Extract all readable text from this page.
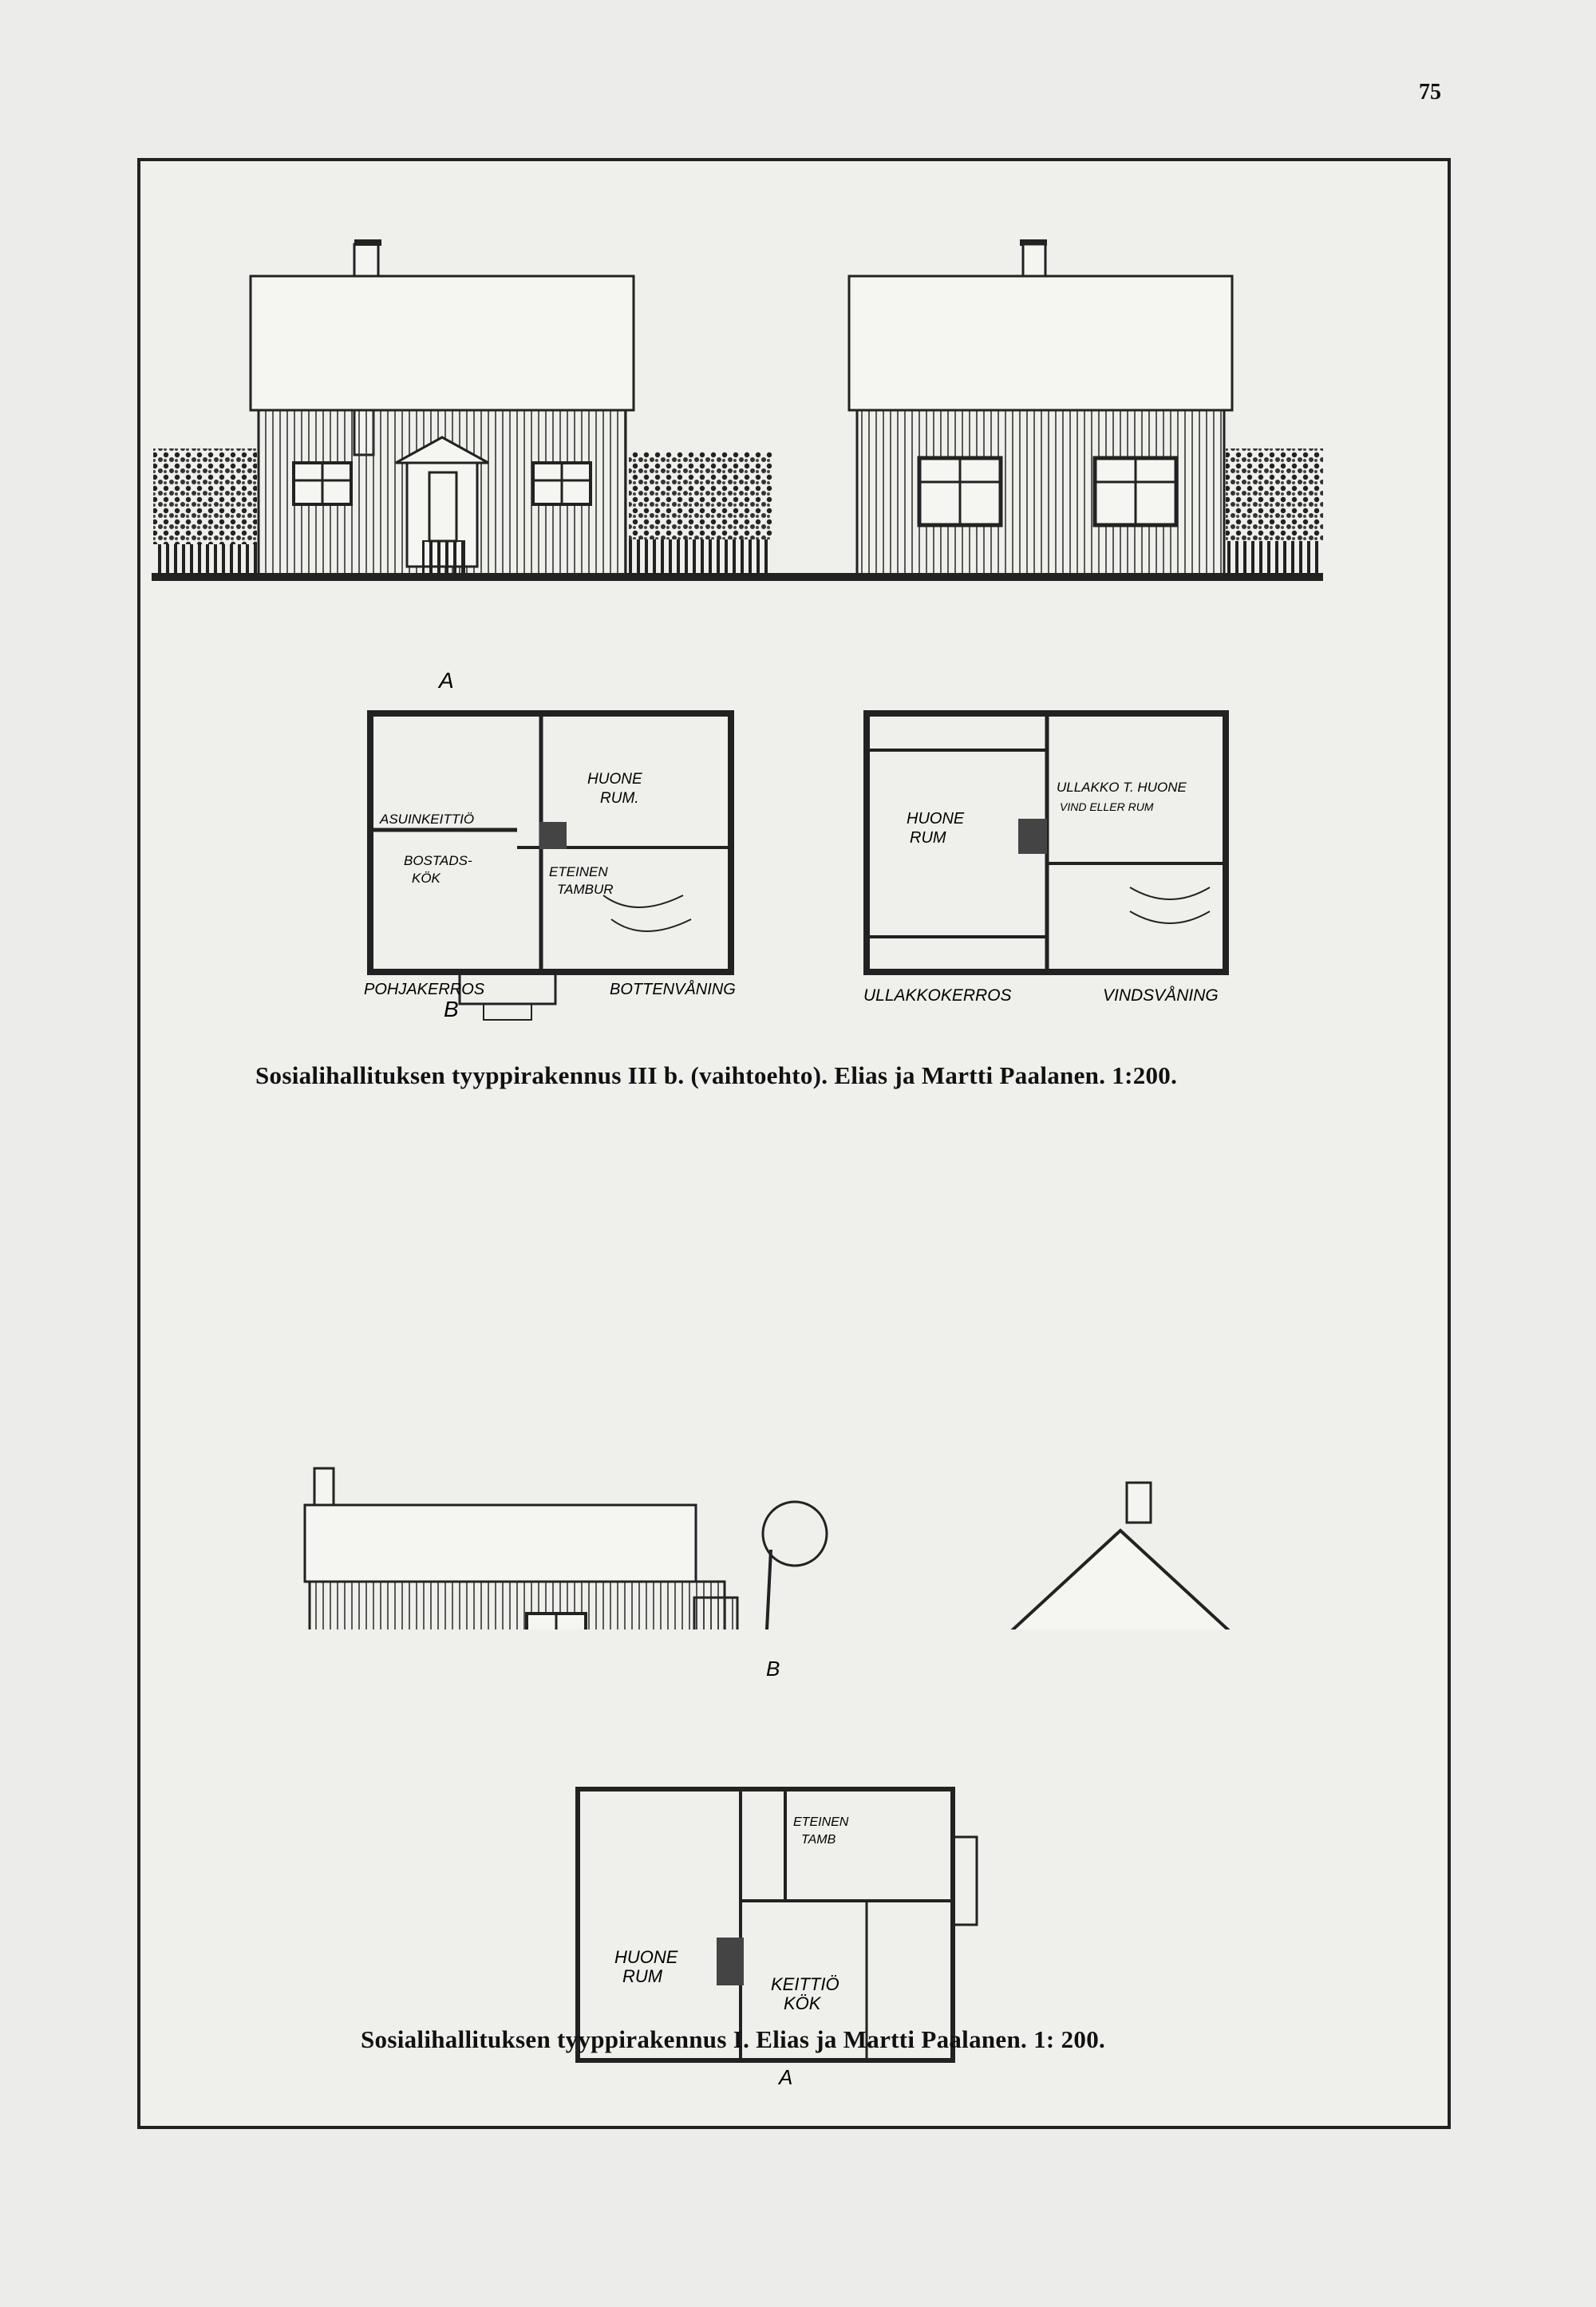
75
ASUINKEITTIÖ
BOSTADS-
KÖK
HUONE
RUM.
ETEINEN
TAMBUR
A
B
POHJAKERROS	BOTTENVÅNING
HUONE
RUM
ULLAKKO T. HUONE
VIND ELLER RUM
ULLAKKOKERROS	VINDSVÅNING
Sosialihallituksen tyyppirakennus III b. (vaihtoehto). Elias ja Martti Paalanen. 1:200.
B
ETEINEN
TAMB
HUONE
RUM	KEITTIÖ
KÖK
A
Sosialihallituksen tyyppirakennus I. Elias ja Martti Paalanen. 1: 200.
